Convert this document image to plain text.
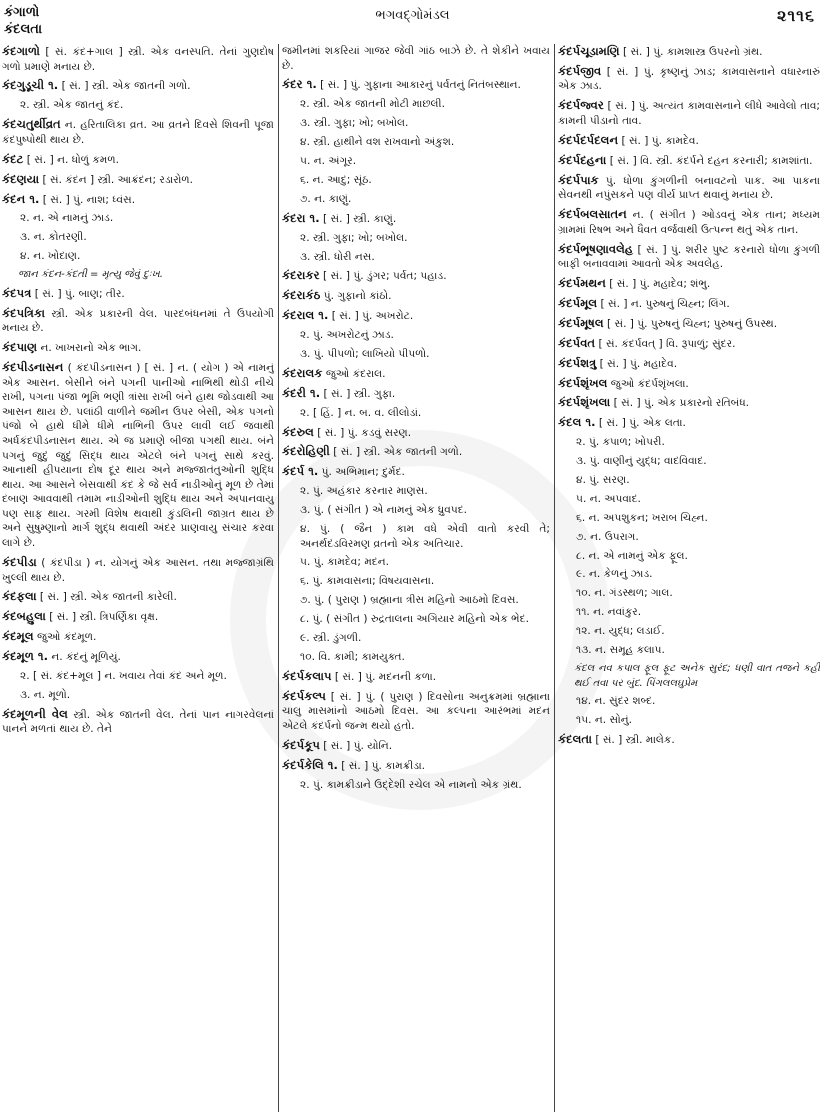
કંગાળો
કંદલતા
ભગવદ્ગોમંડલ	૨૧૧૬
કંદગાળો [ સં. કંદ+ગાલ ] સ્ત્રી. એક વનસ્પતિ. તેનાં ગુણદોષ ગળો પ્રમાણે મનાય છે.
કંદગુડૂચી ૧. [ સં. ] સ્ત્રી. એક જાતની ગળો.
૨. સ્ત્રી. એક જાતનું કંદ.
કંદચતુર્થીવ્રત ન. હરિતાલિકા વ્રત. આ વ્રતને દિવસે શિવની પૂજા કંદપુષ્પોથી થાય છે.
કંદટ [ સં. ] ન. ધોળું કમળ.
કંદણયા [ સં. કંદન ] સ્ત્રી. આક્રંદન; રડારોળ.
કંદન ૧. [ સં. ] પું. નાશ; ધ્વંસ.
૨. ન. એ નામનું ઝાડ.
૩. ન. કોતરણી.
૪. ન. ખોદાણ.
જાન કંદન-કંદતી = મૃત્યુ જેવું દુઃખ.
કંદપત્ર [ સં. ] પું. બાણ; તીર.
કંદપત્રિકા સ્ત્રી. એક પ્રકારની વેલ. પારદબંધનમાં તે ઉપયોગી મનાય છે.
કંદપાણ ન. ખાખરાનો એક ભાગ.
કંદપીડનાસન ( કંદપીડનાસન ) [ સં. ] ન. ( યોગ ) એ નામનું એક આસન. બેસીને બંને પગની પાનીઓ નાભિથી થોડી નીચે રાખી, પગના પંજા ભૂમિ ભણી ત્રાંસા રાખી બંને હાથ જોડવાથી આ આસન થાય છે. પલાંઠી વાળીને જમીન ઉપર બેસી, એક પગનો પંજો બે હાથે ધીમે ધીમે નાભિની ઉપર લાવી લઈ જવાથી અર્ધકંદપીડનાસન થાય. એ જ પ્રમાણે બીજા પગથી થાય. બંને પગનું જુદું જુદું સિદ્ધ થાય એટલે બંને પગનું સાથે કરવું. આનાથી હીપયાના દોષ દૂર થાય અને મજ્જાતંતુઓની શુદ્ધિ થાય. આ આસને બેસવાથી કંદ કે જે સર્વ નાડીઓનું મૂળ છે તેમાં દબાણ આવવાથી તમામ નાડીઓની શુદ્ધિ થાય અને અપાનવાયુ પણ સાફ થાય. ગરમી વિશેષ થવાથી કુંડલિની જાગ્રત થાય છે અને સુષુમ્ણાનો માર્ગ શુદ્ધ થવાથી અંદર પ્રાણવાયુ સંચાર કરવા લાગે છે.
કંદપીડા ( કંદપીડા ) ન. યોગનું એક આસન. તથા મજ્જાગ્રંથિ ખુલ્લી થાય છે.
કંદફલા [ સં. ] સ્ત્રી. એક જાતની કારેલી.
કંદબહુલા [ સં. ] સ્ત્રી. ત્રિપર્ણિકા વૃક્ષ.
કંદમૂલ જુઓ કંદમૂળ.
કંદમૂળ ૧. ન. કંદનું મૂળિયું.
૨. [ સં. કંદ+મૂલ ] ન. ખવાય તેવાં કંદ અને મૂળ.
૩. ન. મૂળો.
કંદમૂળની વેલ સ્ત્રી. એક જાતની વેલ. તેનાં પાન નાગરવેલનાં પાનને મળતાં થાય છે. તેને
જમીનમાં શકરિયાં ગાજર જેવી ગાંઠ બાઝે છે. તે શેકીને ખવાય છે.
કંદર ૧. [ સં. ] પું. ગુફાના આકારનું પર્વતનું નિતંબસ્થાન.
૨. સ્ત્રી. એક જાતની મોટી માછલી.
૩. સ્ત્રી. ગુફા; ખો; બખોલ.
૪. સ્ત્રી. હાથીને વશ રાખવાનો અંકુશ.
૫. ન. અંગૂર.
૬. ન. આદુ; સૂંઠ.
૭. ન. કાણું.
કંદરા ૧. [ સં. ] સ્ત્રી. કાણું.
૨. સ્ત્રી. ગુફા; ખો; બખોલ.
૩. સ્ત્રી. ધોરી નસ.
કંદરાકર [ સં. ] પું. ડુંગર; પર્વત; પહાડ.
કંદરાકંઠ પું. ગુફાનો કાંઠો.
કંદરાલ ૧. [ સં. ] પું. અખરોટ.
૨. પું. અખરોટનું ઝાડ.
૩. પું. પીપળો; લાખિયો પીપળો.
કંદરાલક જુઓ કંદરાલ.
કંદરી ૧. [ સં. ] સ્ત્રી. ગુફા.
૨. [ હિં. ] ન. બ. વ. લીલોડાં.
કંદરુલ [ સં. ] પું. કડવું સરણ.
કંદરોહિણી [ સં. ] સ્ત્રી. એક જાતની ગળો.
કંદર્પ ૧. પું. અભિમાન; દુર્મદ.
૨. પું. અહંકાર કરનાર માણસ.
૩. પું. ( સંગીત ) એ નામનું એક ધ્રુવપદ.
૪. પું. ( જૈન ) કામ વધે એવી વાતો કરવી તે; અનર્થદંડવિરમણ વ્રતનો એક અતિચાર.
૫. પું. કામદેવ; મદન.
૬. પું. કામવાસના; વિષયવાસના.
૭. પું. ( પુરાણ ) બ્રહ્માના ત્રીસ મહિનો આઠમો દિવસ.
૮. પું. ( સંગીત ) રુદ્રતાલના અગિયાર મહિનો એક ભેદ.
૯. સ્ત્રી. ડુંગળી.
૧૦. વિ. કામી; કામયુક્ત.
કંદર્પકલાપ [ સં. ] પું. મદનની કળા.
કંદર્પકલ્પ [ સં. ] પું. ( પુરાણ ) દિવસોના અનુક્રમમાં બ્રહ્માના ચાલુ માસમાંનો આઠમો દિવસ. આ કલ્પના આરંભમાં મદન એટલે કંદર્પનો જન્મ થયો હતો.
કંદર્પકૂપ [ સં. ] પું. યોનિ.
કંદર્પકેલિ ૧. [ સં. ] પું. કામક્રીડા.
૨. પું. કામક્રીડાને ઉદ્દેશી રચેલ એ નામનો એક ગ્રંથ.
કંદર્પચૂડામણિ [ સં. ] પું. કામશાસ્ત્ર ઉપરનો ગ્રંથ.
કંદર્પજીવ [ સં. ] પું. કૃષ્ણનું ઝાડ; કામવાસનાને વધારનારું એક ઝાડ.
કંદર્પજ્વર [ સં. ] પું. અત્યંત કામવાસનાને લીધે આવેલો તાવ; કામની પીડાનો તાવ.
કંદર્પદર્પદલન [ સં. ] પું. કામદેવ.
કંદર્પદહના [ સં. ] વિ. સ્ત્રી. કંદર્પને દહન કરનારી; કામશાંતા.
કંદર્પપાક પું. ધોળા કુંગળીની બનાવટનો પાક. આ પાકના સેવનથી નપુંસકને પણ વીર્ય પ્રાપ્ત થવાનું મનાય છે.
કંદર્પબલસાતન ન. ( સંગીત ) ઓડવનું એક તાન; મધ્યમ ગ્રામમાં રિષભ અને ધૈવત વર્જવાથી ઉત્પન્ન થતું એક તાન.
કંદર્પભૂષણાવલેહ [ સં. ] પું. શરીર પુષ્ટ કરનારો ધોળા કુંગળી બાફી બનાવવામાં આવતો એક અવલેહ.
કંદર્પમથન [ સં. ] પું. મહાદેવ; શંભુ.
કંદર્પમૂલ [ સં. ] ન. પુરુષનું ચિહ્ન; લિંગ.
કંદર્પમૂષલ [ સં. ] પું. પુરુષનું ચિહ્ન; પુરુષનું ઉપસ્થ.
કંદર્પવત [ સં. કંદર્પવત્ ] વિ. રૂપાળું; સુંદર.
કંદર્પશત્રુ [ સં. ] પું. મહાદેવ.
કંદર્પશૃંખલ જુઓ કંદર્પશૃંખલા.
કંદર્પશૃંખલા [ સં. ] પું. એક પ્રકારનો રતિબંધ.
કંદલ ૧. [ સં. ] પું. એક લતા.
૨. પું. કપાળ; ખોપરી.
૩. પું. વાણીનું યુદ્ધ; વાદવિવાદ.
૪. પું. સરણ.
૫. ન. અપવાદ.
૬. ન. અપશુકન; ખરાબ ચિહ્ન.
૭. ન. ઉપરાગ.
૮. ન. એ નામનું એક ફૂલ.
૯. ન. કેળનું ઝાડ.
૧૦. ન. ગંડસ્થળ; ગાલ.
૧૧. ન. નવાંકુર.
૧૨. ન. યુદ્ધ; લડાઈ.
૧૩. ન. સમૂહ કલાપ.
કંદલ નવ કપાલ ફૂલ ફૂટ અનેક સુરંદ; ધણી વાત તજને કહી થઈ તવા પર બુંદ. પિંગલલઘુપ્રેમ
૧૪. ન. સુંદર શબ્દ.
૧૫. ન. સોનું.
કંદલતા [ સં. ] સ્ત્રી. માલેક.
